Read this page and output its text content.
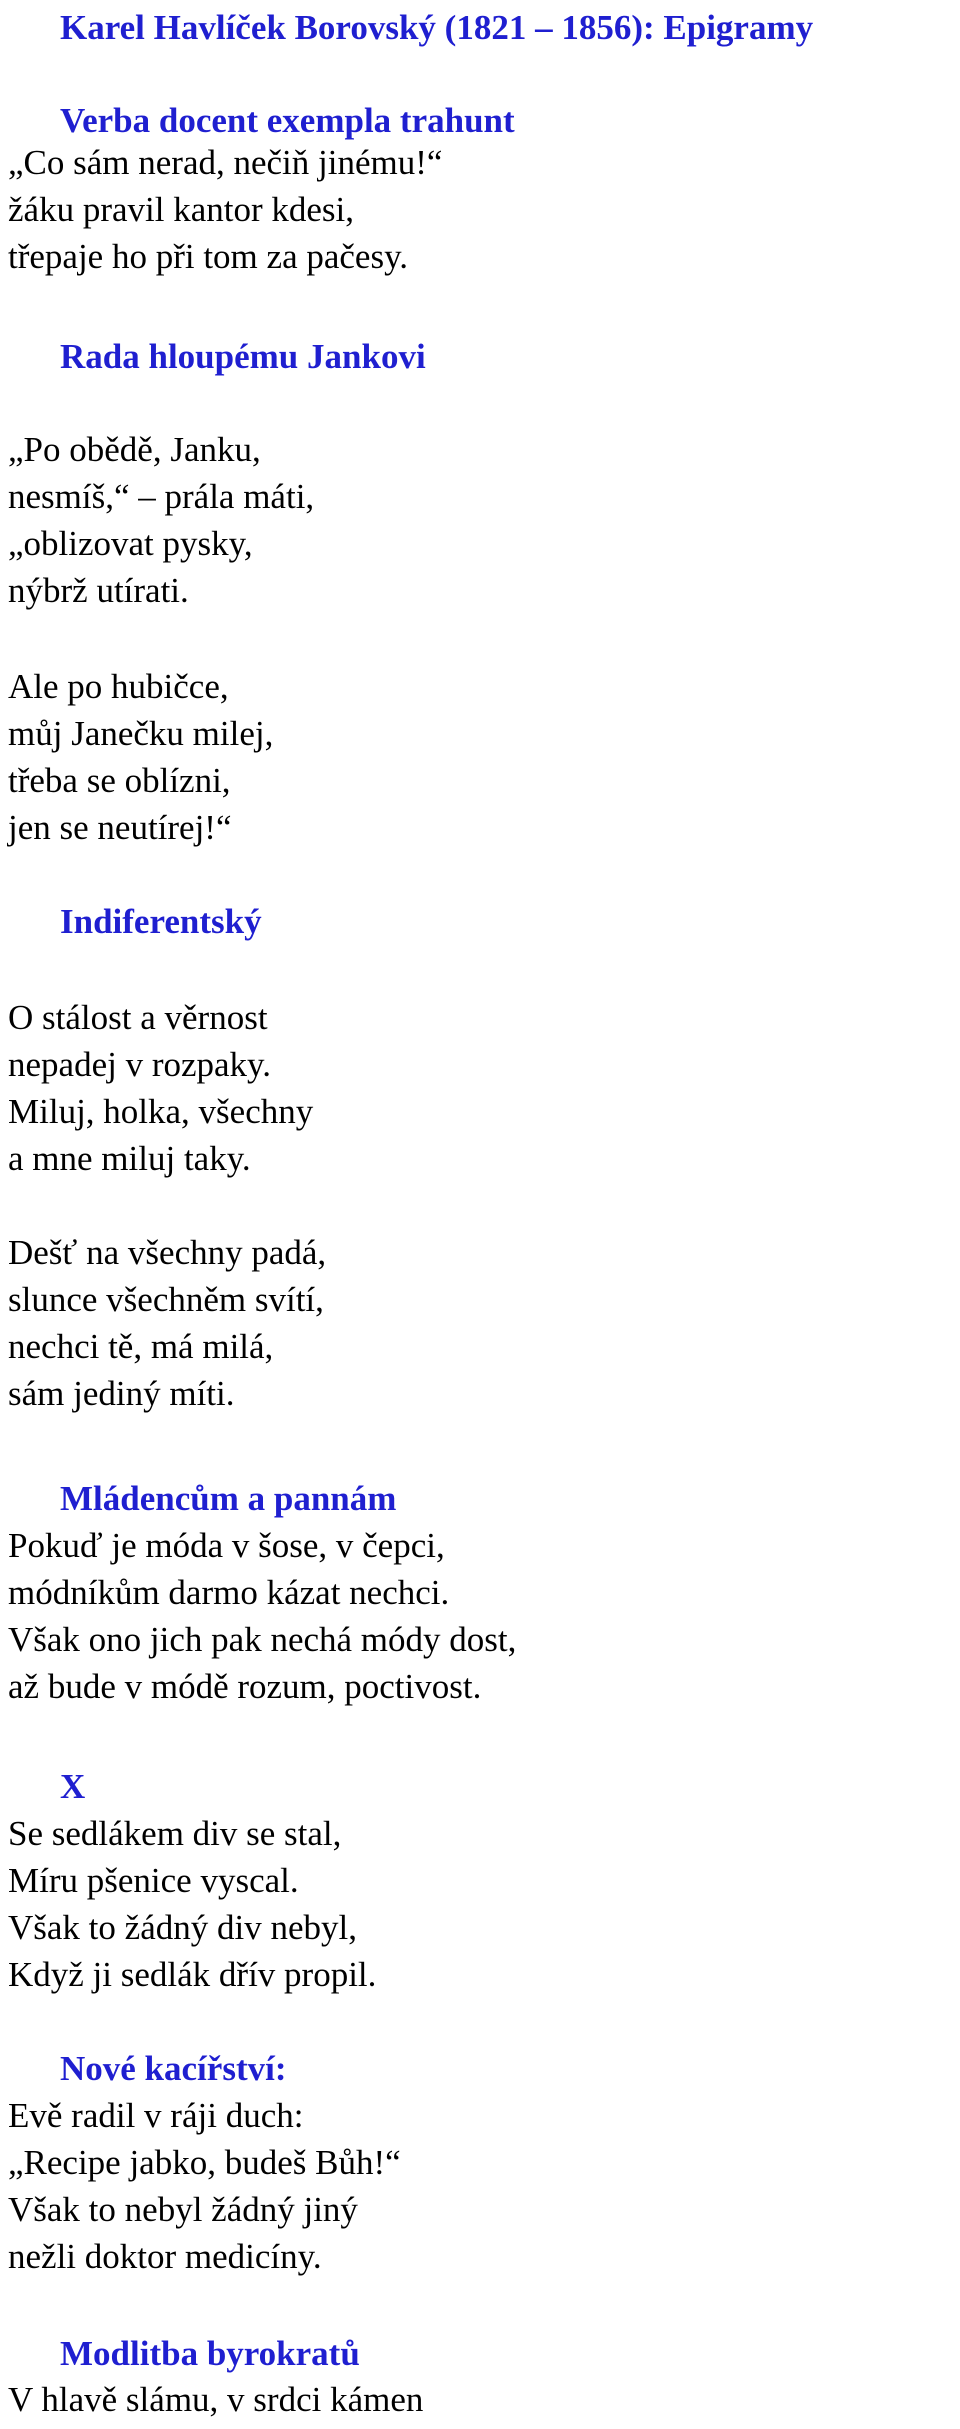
Karel Havlíček Borovský (1821 – 1856): Epigramy
Verba docent exempla trahunt
„Co sám nerad, nečiň jinému!“
žáku pravil kantor kdesi,
třepaje ho při tom za pačesy.
Rada hloupému Jankovi
„Po obědě, Janku,
nesmíš,“ – prála máti,
„oblizovat pysky,
nýbrž utírati.
Ale po hubičce,
můj Janečku milej,
třeba se oblízni,
jen se neutírej!“
Indiferentský
O stálost a věrnost
nepadej v rozpaky.
Miluj, holka, všechny
a mne miluj taky.
Dešť na všechny padá,
slunce všechněm svítí,
nechci tě, má milá,
sám jediný míti.
Mládencům a pannám
Pokuď je móda v šose, v čepci,
módníkům darmo kázat nechci.
Však ono jich pak nechá módy dost,
až bude v módě rozum, poctivost.
X
Se sedlákem div se stal,
Míru pšenice vyscal.
Však to žádný div nebyl,
Když ji sedlák dřív propil.
Nové kacířství:
Evě radil v ráji duch:
„Recipe jabko, budeš Bůh!“
Však to nebyl žádný jiný
nežli doktor medicíny.
Modlitba byrokratů
V hlavě slámu, v srdci kámen
